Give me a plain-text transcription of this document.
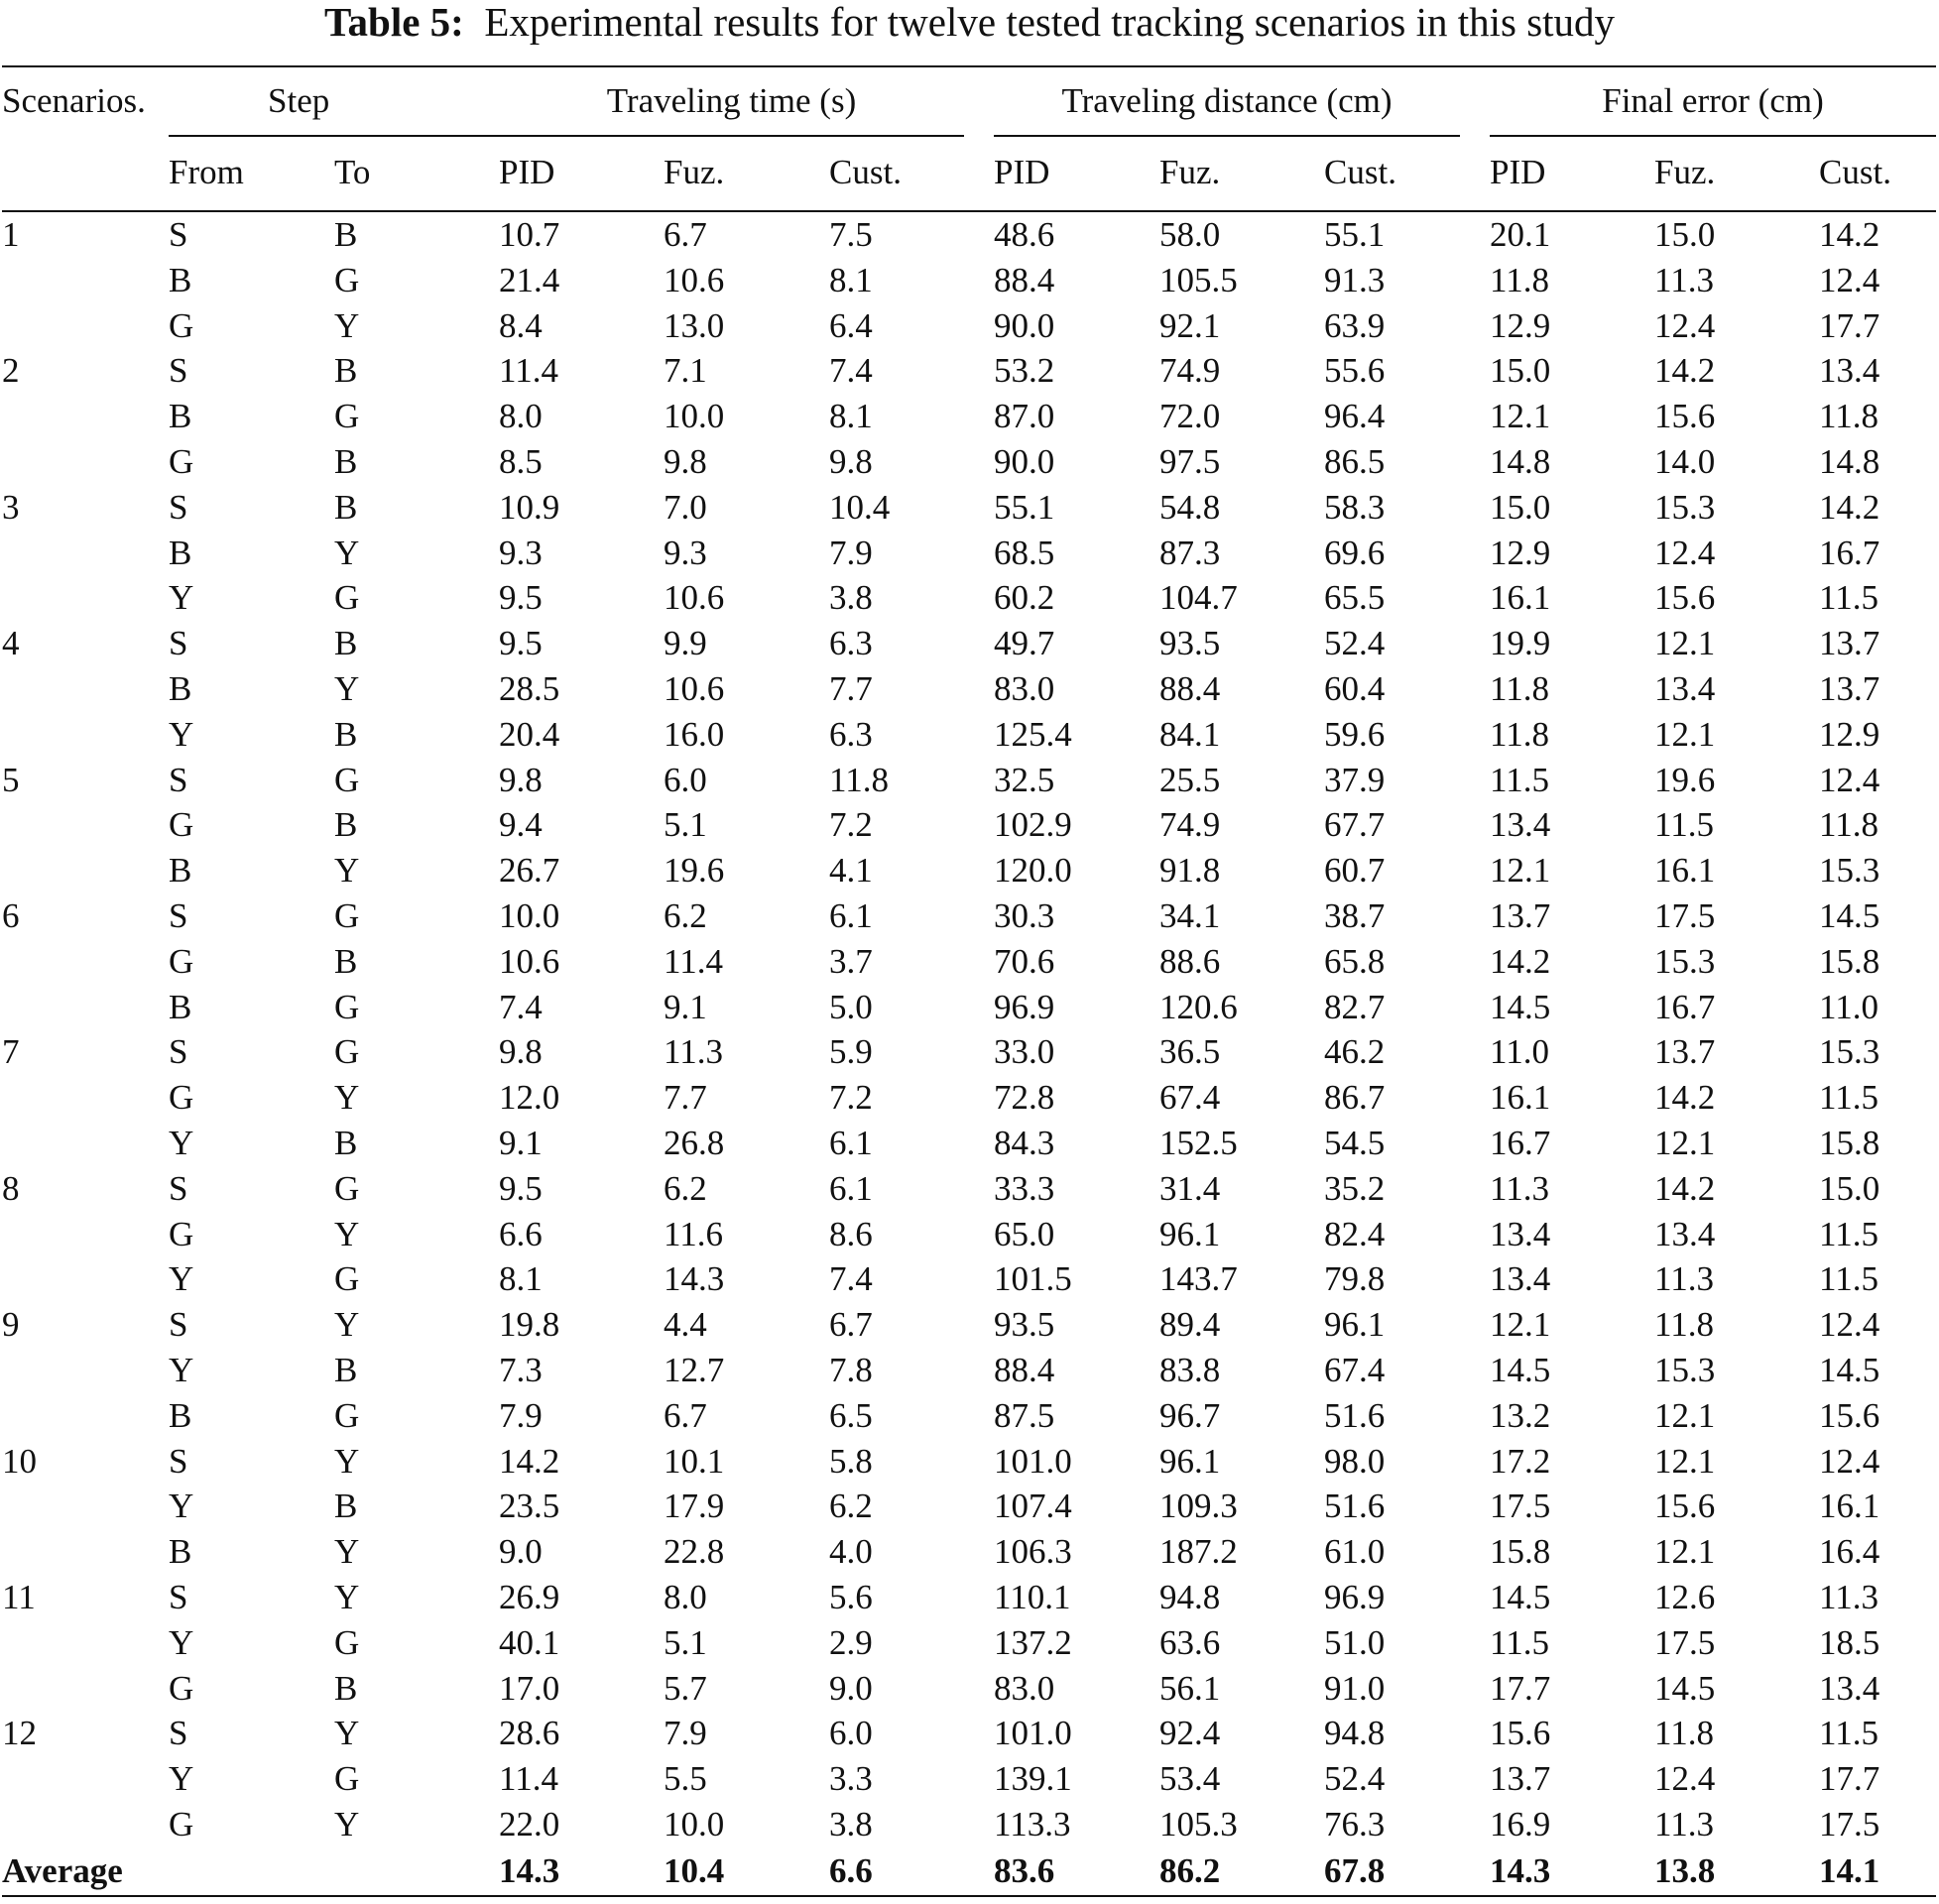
Table 5: Experimental results for twelve tested tracking scenarios in this study

Scenarios.	Step		Traveling time (s)			Traveling distance (cm)			Final error (cm)		
	From	To	PID	Fuz.	Cust.	PID	Fuz.	Cust.	PID	Fuz.	Cust.

1	S	B	10.7	6.7	7.5	48.6	58.0	55.1	20.1	15.0	14.2
	B	G	21.4	10.6	8.1	88.4	105.5	91.3	11.8	11.3	12.4
	G	Y	8.4	13.0	6.4	90.0	92.1	63.9	12.9	12.4	17.7
2	S	B	11.4	7.1	7.4	53.2	74.9	55.6	15.0	14.2	13.4
	B	G	8.0	10.0	8.1	87.0	72.0	96.4	12.1	15.6	11.8
	G	B	8.5	9.8	9.8	90.0	97.5	86.5	14.8	14.0	14.8
3	S	B	10.9	7.0	10.4	55.1	54.8	58.3	15.0	15.3	14.2
	B	Y	9.3	9.3	7.9	68.5	87.3	69.6	12.9	12.4	16.7
	Y	G	9.5	10.6	3.8	60.2	104.7	65.5	16.1	15.6	11.5
4	S	B	9.5	9.9	6.3	49.7	93.5	52.4	19.9	12.1	13.7
	B	Y	28.5	10.6	7.7	83.0	88.4	60.4	11.8	13.4	13.7
	Y	B	20.4	16.0	6.3	125.4	84.1	59.6	11.8	12.1	12.9
5	S	G	9.8	6.0	11.8	32.5	25.5	37.9	11.5	19.6	12.4
	G	B	9.4	5.1	7.2	102.9	74.9	67.7	13.4	11.5	11.8
	B	Y	26.7	19.6	4.1	120.0	91.8	60.7	12.1	16.1	15.3
6	S	G	10.0	6.2	6.1	30.3	34.1	38.7	13.7	17.5	14.5
	G	B	10.6	11.4	3.7	70.6	88.6	65.8	14.2	15.3	15.8
	B	G	7.4	9.1	5.0	96.9	120.6	82.7	14.5	16.7	11.0
7	S	G	9.8	11.3	5.9	33.0	36.5	46.2	11.0	13.7	15.3
	G	Y	12.0	7.7	7.2	72.8	67.4	86.7	16.1	14.2	11.5
	Y	B	9.1	26.8	6.1	84.3	152.5	54.5	16.7	12.1	15.8
8	S	G	9.5	6.2	6.1	33.3	31.4	35.2	11.3	14.2	15.0
	G	Y	6.6	11.6	8.6	65.0	96.1	82.4	13.4	13.4	11.5
	Y	G	8.1	14.3	7.4	101.5	143.7	79.8	13.4	11.3	11.5
9	S	Y	19.8	4.4	6.7	93.5	89.4	96.1	12.1	11.8	12.4
	Y	B	7.3	12.7	7.8	88.4	83.8	67.4	14.5	15.3	14.5
	B	G	7.9	6.7	6.5	87.5	96.7	51.6	13.2	12.1	15.6
10	S	Y	14.2	10.1	5.8	101.0	96.1	98.0	17.2	12.1	12.4
	Y	B	23.5	17.9	6.2	107.4	109.3	51.6	17.5	15.6	16.1
	B	Y	9.0	22.8	4.0	106.3	187.2	61.0	15.8	12.1	16.4
11	S	Y	26.9	8.0	5.6	110.1	94.8	96.9	14.5	12.6	11.3
	Y	G	40.1	5.1	2.9	137.2	63.6	51.0	11.5	17.5	18.5
	G	B	17.0	5.7	9.0	83.0	56.1	91.0	17.7	14.5	13.4
12	S	Y	28.6	7.9	6.0	101.0	92.4	94.8	15.6	11.8	11.5
	Y	G	11.4	5.5	3.3	139.1	53.4	52.4	13.7	12.4	17.7
	G	Y	22.0	10.0	3.8	113.3	105.3	76.3	16.9	11.3	17.5
Average			14.3	10.4	6.6	83.6	86.2	67.8	14.3	13.8	14.1
